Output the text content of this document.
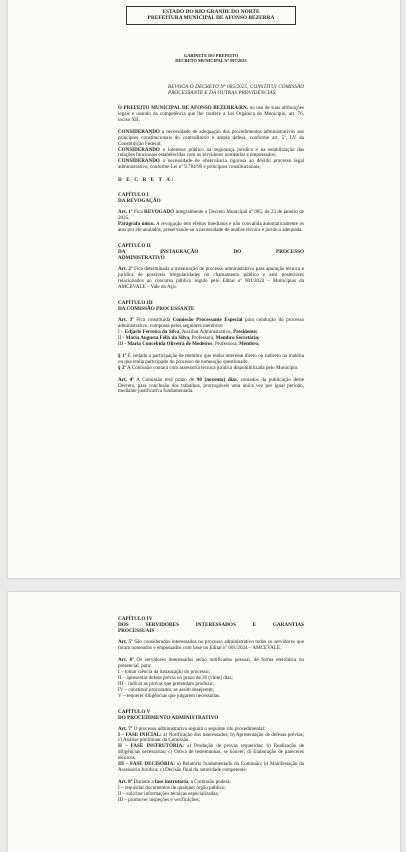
ESTADO DO RIO GRANDE DO NORTE
PREFEITURA MUNICIPAL DE AFONSO BEZERRA
GABINETE DO PREFEITO
DECRETO MUNICIPAL Nº 097/2025

REVOGA O DECRETO Nº 085/2025, CONSTITUI COMISSÃO PROCESSANTE E DÁ OUTRAS PROVIDÊNCIAS.

O PREFEITO MUNICIPAL DE AFONSO BEZERRA/RN, no uso de suas atribuições legais e usando da competência que lhe confere a Lei Orgânica do Município, art. 76, inciso XII,

CONSIDERANDO a necessidade de adequação dos procedimentos administrativos aos princípios constitucionais do contraditório e ampla defesa, conforme art. 5º, LV da Constituição Federal;

CONSIDERANDO o interesse público na segurança jurídica e na estabilização das relações funcionais estabelecidas com os servidores nomeados e empossados;

CONSIDERANDO a necessidade de observância rigorosa ao devido processo legal administrativo, conforme Lei nº 9.784/99 e princípios constitucionais;

D E C R E T A:

CAPÍTULO I
DA REVOGAÇÃO

Art. 1º Fica REVOGADO integralmente o Decreto Municipal nº 085, de 23 de janeiro de 2025.

Parágrafo único. A revogação tem efeitos imediatos e não convalida automaticamente os atos por ele anulados, preservando-se a necessidade de análise técnica e jurídica adequada.

CAPÍTULO II
DA INSTAURAÇÃO DO PROCESSO
ADMINISTRATIVO

Art. 2º Fica determinada a instauração de processo administrativo para apuração técnica e jurídica de possíveis irregularidades no chamamento público e atos posteriores relacionados ao concurso público regido pelo Edital nº 001/2024 – Municípios da AMCEVALE – Vale do Açu.

CAPÍTULO III
DA COMISSÃO PROCESSANTE

Art. 3º Fica constituída Comissão Processante Especial para condução do processo administrativo, composta pelos seguintes membros:

I – Edjarle Ferreira da Silva, Auxiliar Administrativo, Presidente;

II - Maria Augusta Félix da Silva, Professora, Membro Secretária;

III - Maria Concebida Oliveira de Medeiros, Professora, Membro.

§ 1º É vedada a participação de membro que tenha interesse direto ou indireto na matéria ou que tenha participado do processo de nomeação questionado.

§ 2º A Comissão contará com assessoria técnica jurídica disponibilizada pelo Município.

Art. 4º A Comissão terá prazo de 90 (noventa) dias, contados da publicação deste Decreto, para conclusão dos trabalhos, prorrogáveis uma única vez por igual período, mediante justificativa fundamentada.

CAPÍTULO IV
DOS SERVIDORES INTERESSADOS E GARANTIAS
PROCESSUAIS

Art. 5º São considerados interessados no processo administrativo todos os servidores que foram nomeados e empossados com base no Edital nº 001/2024 – AMCEVALE.

Art. 6º Os servidores interessados serão notificados pessoal, de forma eletrônica ou presencial, para:

I – tomar ciência da instauração do processo;

II – apresentar defesa prévia no prazo de 20 (vinte) dias;

III – indicar as provas que pretendam produzir;

IV – constituir procurador, se assim desejarem;

V – requerer diligências que julgarem necessárias.

CAPÍTULO V
DO PROCEDIMENTO ADMINISTRATIVO

Art. 7º O processo administrativo seguirá o seguinte rito procedimental:

I – FASE INICIAL: a) Notificação dos interessados; b) Apresentação de defesas prévias; c) Análise preliminar da Comissão.

II – FASE INSTRUTÓRIA: a) Produção de provas requeridas; b) Realização de diligências necessárias; c) Oitiva de testemunhas, se houver; d) Elaboração de pareceres técnicos.

III – FASE DECISÓRIA: a) Relatório fundamentado da Comissão; b) Manifestação da Assessoria Jurídica; c) Decisão final da autoridade competente.

Art. 8º Durante a fase instrutória, a Comissão poderá:

I – requisitar documentos de qualquer órgão público;

II – solicitar informações técnicas especializadas;

III – promover inspeções e verificações;
